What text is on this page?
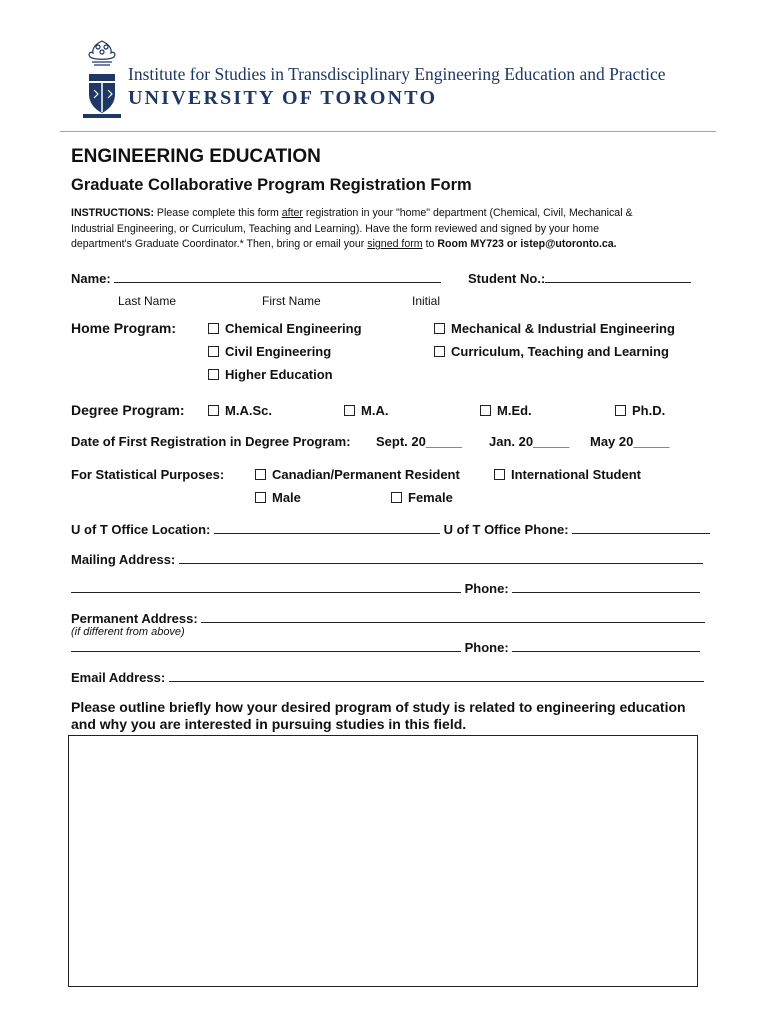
Institute for Studies in Transdisciplinary Engineering Education and Practice
UNIVERSITY OF TORONTO
ENGINEERING EDUCATION
Graduate Collaborative Program Registration Form
INSTRUCTIONS: Please complete this form after registration in your "home" department (Chemical, Civil, Mechanical &
Industrial Engineering, or Curriculum, Teaching and Learning). Have the form reviewed and signed by your home
department's Graduate Coordinator.* Then, bring or email your signed form to Room MY723 or istep@utoronto.ca.
Name:	Student No.:
Last Name	First Name	Initial
Home Program:	Chemical Engineering	Mechanical & Industrial Engineering
Civil Engineering	Curriculum, Teaching and Learning
Higher Education
Degree Program:	M.A.Sc.	M.A.	M.Ed.	Ph.D.
Date of First Registration in Degree Program: Sept. 20_____ Jan. 20_____ May 20_____
For Statistical Purposes:	Canadian/Permanent Resident	International Student
Male	Female
U of T Office Location:	U of T Office Phone:
Mailing Address:
Phone:
Permanent Address:
(if different from above)
Phone:
Email Address:
Please outline briefly how your desired program of study is related to engineering education
and why you are interested in pursuing studies in this field.
